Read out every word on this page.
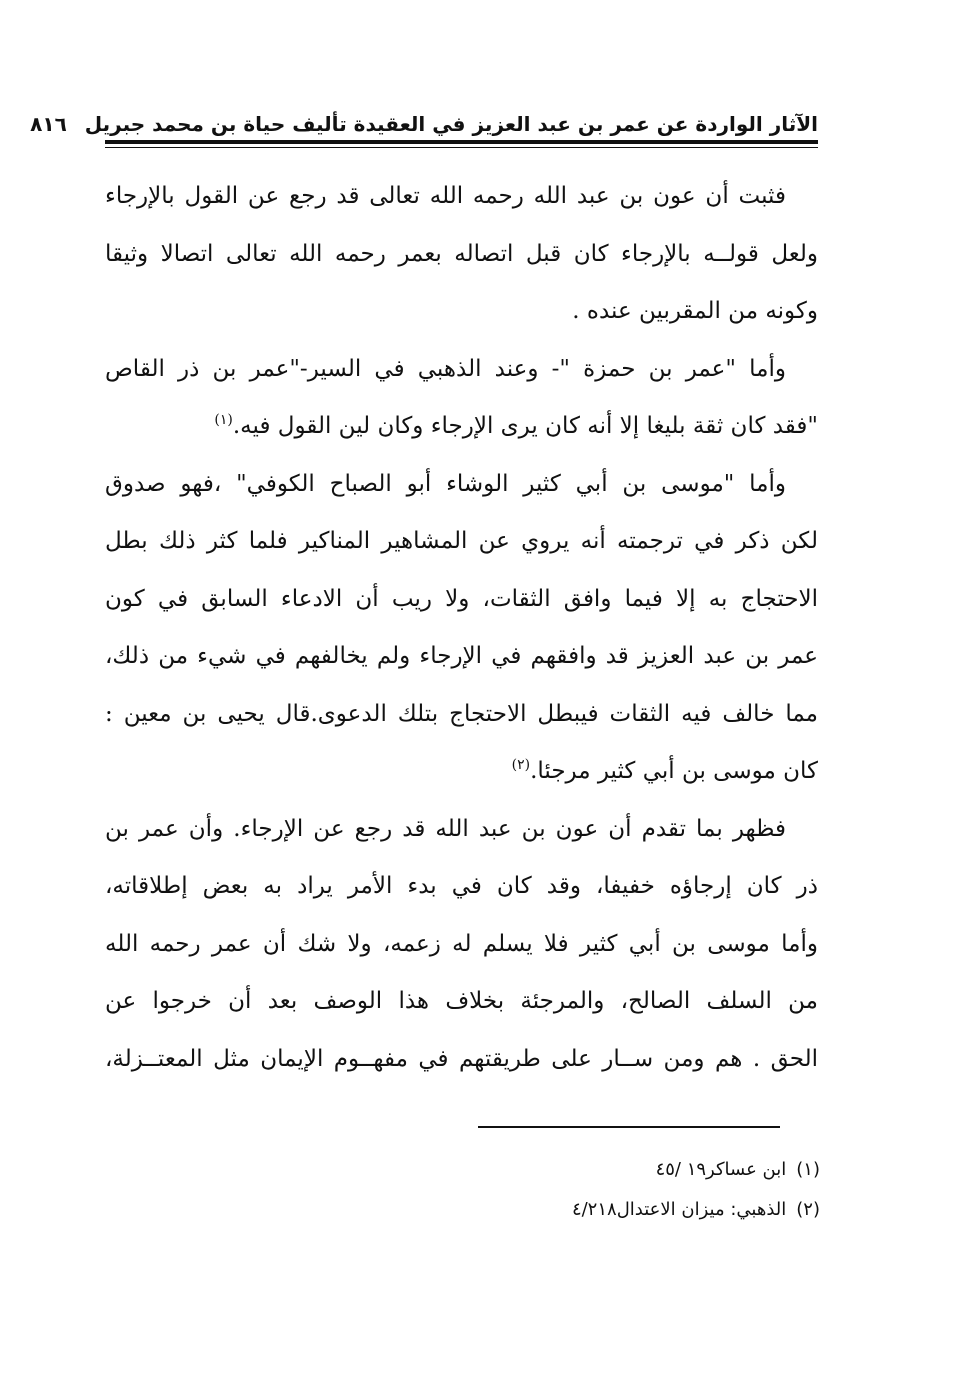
الآثار الواردة عن عمر بن عبد العزيز في العقيدة تأليف حياة بن محمد جبريل
٨١٦
فثبت أن عون بن عبد الله رحمه الله تعالى قد رجع عن القول بالإرجاء
ولعل قولــه بالإرجاء كان قبل اتصاله بعمر رحمه الله تعالى اتصالا وثيقا
وكونه من المقربين عنده .
وأما "عمر بن حمزة "- وعند الذهبي في السير-"عمر بن ذر القاص
"فقد كان ثقة بليغا إلا أنه كان يرى الإرجاء وكان لين القول فيه.$^{(١)}$
وأما "موسى بن أبي كثير الوشاء أبو الصباح الكوفي" ،فهو صدوق
لكن ذكر في ترجمته أنه يروي عن المشاهير المناكير فلما كثر ذلك بطل
الاحتجاج به إلا فيما وافق الثقات، ولا ريب أن الادعاء السابق في كون
عمر بن عبد العزيز قد وافقهم في الإرجاء ولم يخالفهم في شيء من ذلك،
مما خالف فيه الثقات فيبطل الاحتجاج بتلك الدعوى.قال يحيى بن معين :
كان موسى بن أبي كثير مرجئا.$^{(٢)}$
فظهر بما تقدم أن عون بن عبد الله قد رجع عن الإرجاء. وأن عمر بن
ذر كان إرجاؤه خفيفا، وقد كان في بدء الأمر يراد به بعض إطلاقاته،
وأما موسى بن أبي كثير فلا يسلم له زعمه، ولا شك أن عمر رحمه الله
من السلف الصالح، والمرجئة بخلاف هذا الوصف بعد أن خرجوا عن
الحق . هم ومن ســار على طريقتهم في مفهــوم الإيمان مثل المعتــزلة،
(١)ابن عساكر١٩ /٤٥
(٢)الذهبي: ميزان الاعتدال٤/٢١٨
